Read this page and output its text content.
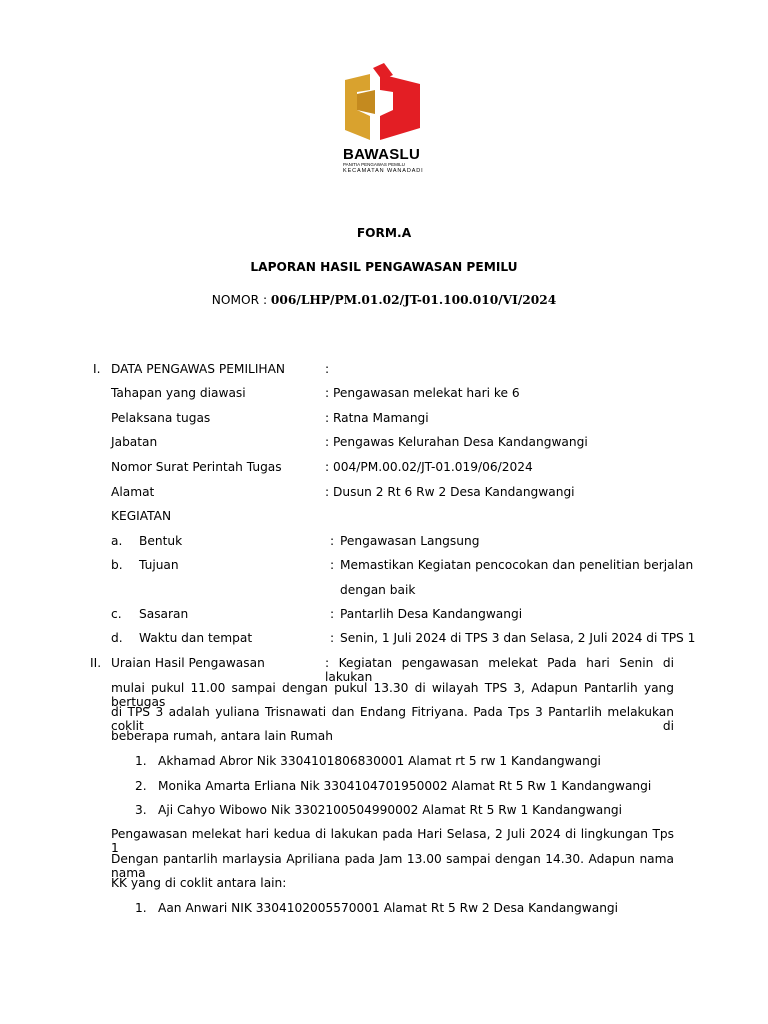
BAWASLU
PANITIA PENGAWAS PEMILU
KECAMATAN WANADADI
FORM.A
LAPORAN HASIL PENGAWASAN PEMILU
NOMOR : 006/LHP/PM.01.02/JT-01.100.010/VI/2024
I. DATA PENGAWAS PEMILIHAN	:
Tahapan yang diawasi	: Pengawasan melekat hari ke 6
Pelaksana tugas	: Ratna Mamangi
Jabatan	: Pengawas Kelurahan Desa Kandangwangi
Nomor Surat Perintah Tugas	: 004/PM.00.02/JT-01.019/06/2024
Alamat	: Dusun 2 Rt 6 Rw 2 Desa Kandangwangi
KEGIATAN
a. Bentuk	: Pengawasan Langsung
b. Tujuan	: Memastikan Kegiatan pencocokan dan penelitian berjalan
dengan baik
c. Sasaran	: Pantarlih Desa Kandangwangi
d. Waktu dan tempat	: Senin, 1 Juli 2024 di TPS 3 dan Selasa, 2 Juli 2024 di TPS 1
II. Uraian Hasil Pengawasan	: Kegiatan pengawasan melekat Pada hari Senin di lakukan
mulai pukul 11.00 sampai dengan pukul 13.30 di wilayah TPS 3, Adapun Pantarlih yang bertugas
di TPS 3 adalah yuliana Trisnawati dan Endang Fitriyana. Pada Tps 3 Pantarlih melakukan coklit di
beberapa rumah, antara lain Rumah
1. Akhamad Abror Nik 3304101806830001 Alamat rt 5 rw 1 Kandangwangi
2. Monika Amarta Erliana Nik 3304104701950002 Alamat Rt 5 Rw 1 Kandangwangi
3. Aji Cahyo Wibowo Nik 3302100504990002 Alamat Rt 5 Rw 1 Kandangwangi
Pengawasan melekat hari kedua di lakukan pada Hari Selasa, 2 Juli 2024 di lingkungan Tps 1
Dengan pantarlih marlaysia Apriliana pada Jam 13.00 sampai dengan 14.30. Adapun nama nama
KK yang di coklit antara lain:
1. Aan Anwari NIK 3304102005570001 Alamat Rt 5 Rw 2 Desa Kandangwangi
